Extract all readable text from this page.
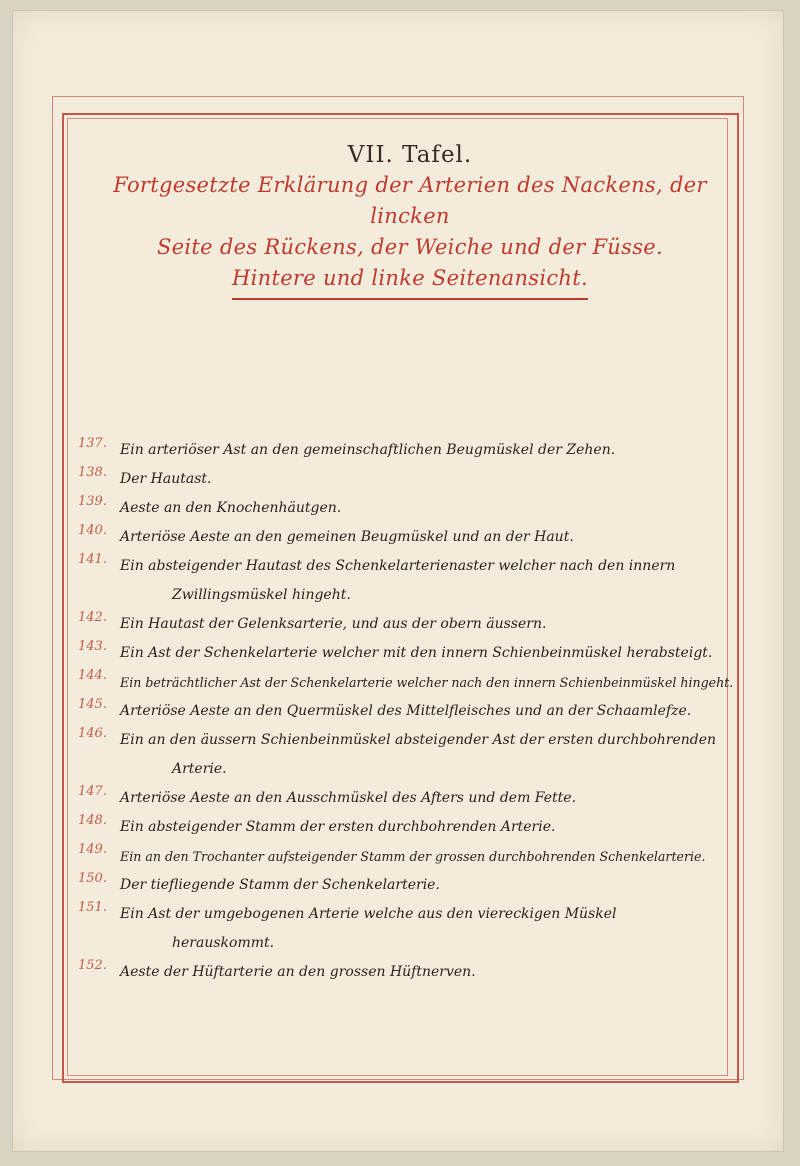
VII. Tafel.
Fortgesetzte Erklärung der Arterien des Nackens, der lincken
Seite des Rückens, der Weiche und der Füsse.
Hintere und linke Seitenansicht.
137. Ein arteriöser Ast an den gemeinschaftlichen Beugmüskel der Zehen.
138. Der Hautast.
139. Aeste an den Knochenhäutgen.
140. Arteriöse Aeste an den gemeinen Beugmüskel und an der Haut.
141. Ein absteigender Hautast des Schenkelarterienaster welcher nach den innern
Zwillingsmüskel hingeht.
142. Ein Hautast der Gelenksarterie, und aus der obern äussern.
143. Ein Ast der Schenkelarterie welcher mit den innern Schienbeinmüskel herabsteigt.
144.	Ein beträchtlicher Ast der Schenkelarterie welcher nach den innern Schienbeinmüskel hingeht.
145. Arteriöse Aeste an den Quermüskel des Mittelfleisches und an der Schaamlefze.
146. Ein an den äussern Schienbeinmüskel absteigender Ast der ersten durchbohrenden
Arterie.
147. Arteriöse Aeste an den Ausschmüskel des Afters und dem Fette.
148. Ein absteigender Stamm der ersten durchbohrenden Arterie.
149.	Ein an den Trochanter aufsteigender Stamm der grossen durchbohrenden Schenkelarterie.
150. Der tiefliegende Stamm der Schenkelarterie.
151. Ein Ast der umgebogenen Arterie welche aus den viereckigen Müskel
herauskommt.
152. Aeste der Hüftarterie an den grossen Hüftnerven.
